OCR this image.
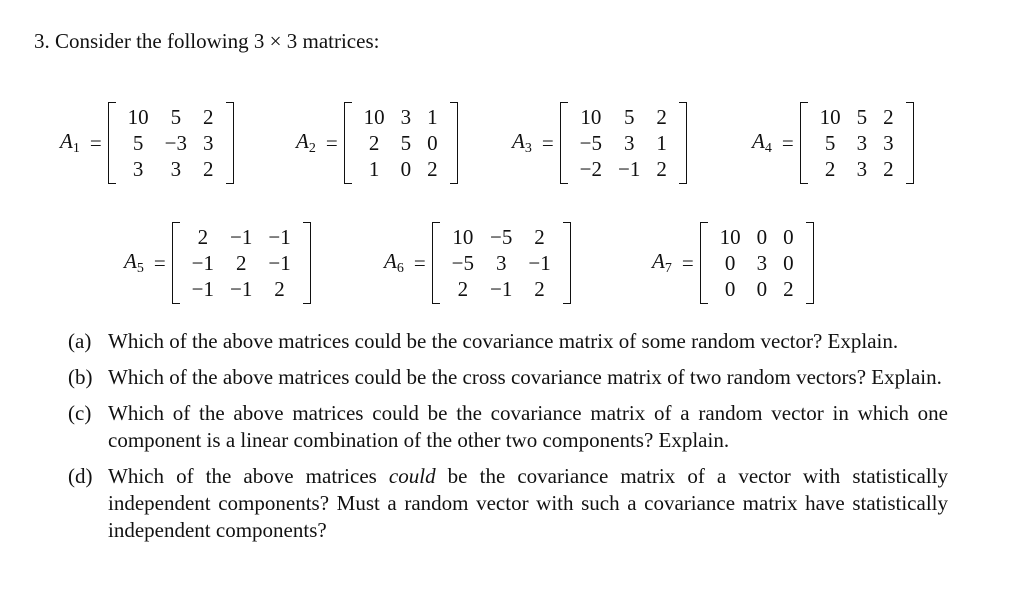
3. Consider the following 3 × 3 matrices:
$A_1$ =
10	5	2
5	−3	3
3	3	2
$A_2$ =
10	3	1
2	5	0
1	0	2
$A_3$ =
10	5	2
−5	3	1
−2	−1	2
$A_4$ =
10	5	2
5	3	3
2	3	2
$A_5$ =
2	−1	−1
−1	2	−1
−1	−1	2
$A_6$ =
10	−5	2
−5	3	−1
2	−1	2
$A_7$ =
10	0	0
0	3	0
0	0	2
(a) Which of the above matrices could be the covariance matrix of some random vector? Explain.
(b) Which of the above matrices could be the cross covariance matrix of two random vectors? Explain.
(c) Which of the above matrices could be the covariance matrix of a random vector in which one component is a linear combination of the other two components? Explain.
(d) Which of the above matrices could be the covariance matrix of a vector with statistically independent components? Must a random vector with such a covariance matrix have statistically independent components?
